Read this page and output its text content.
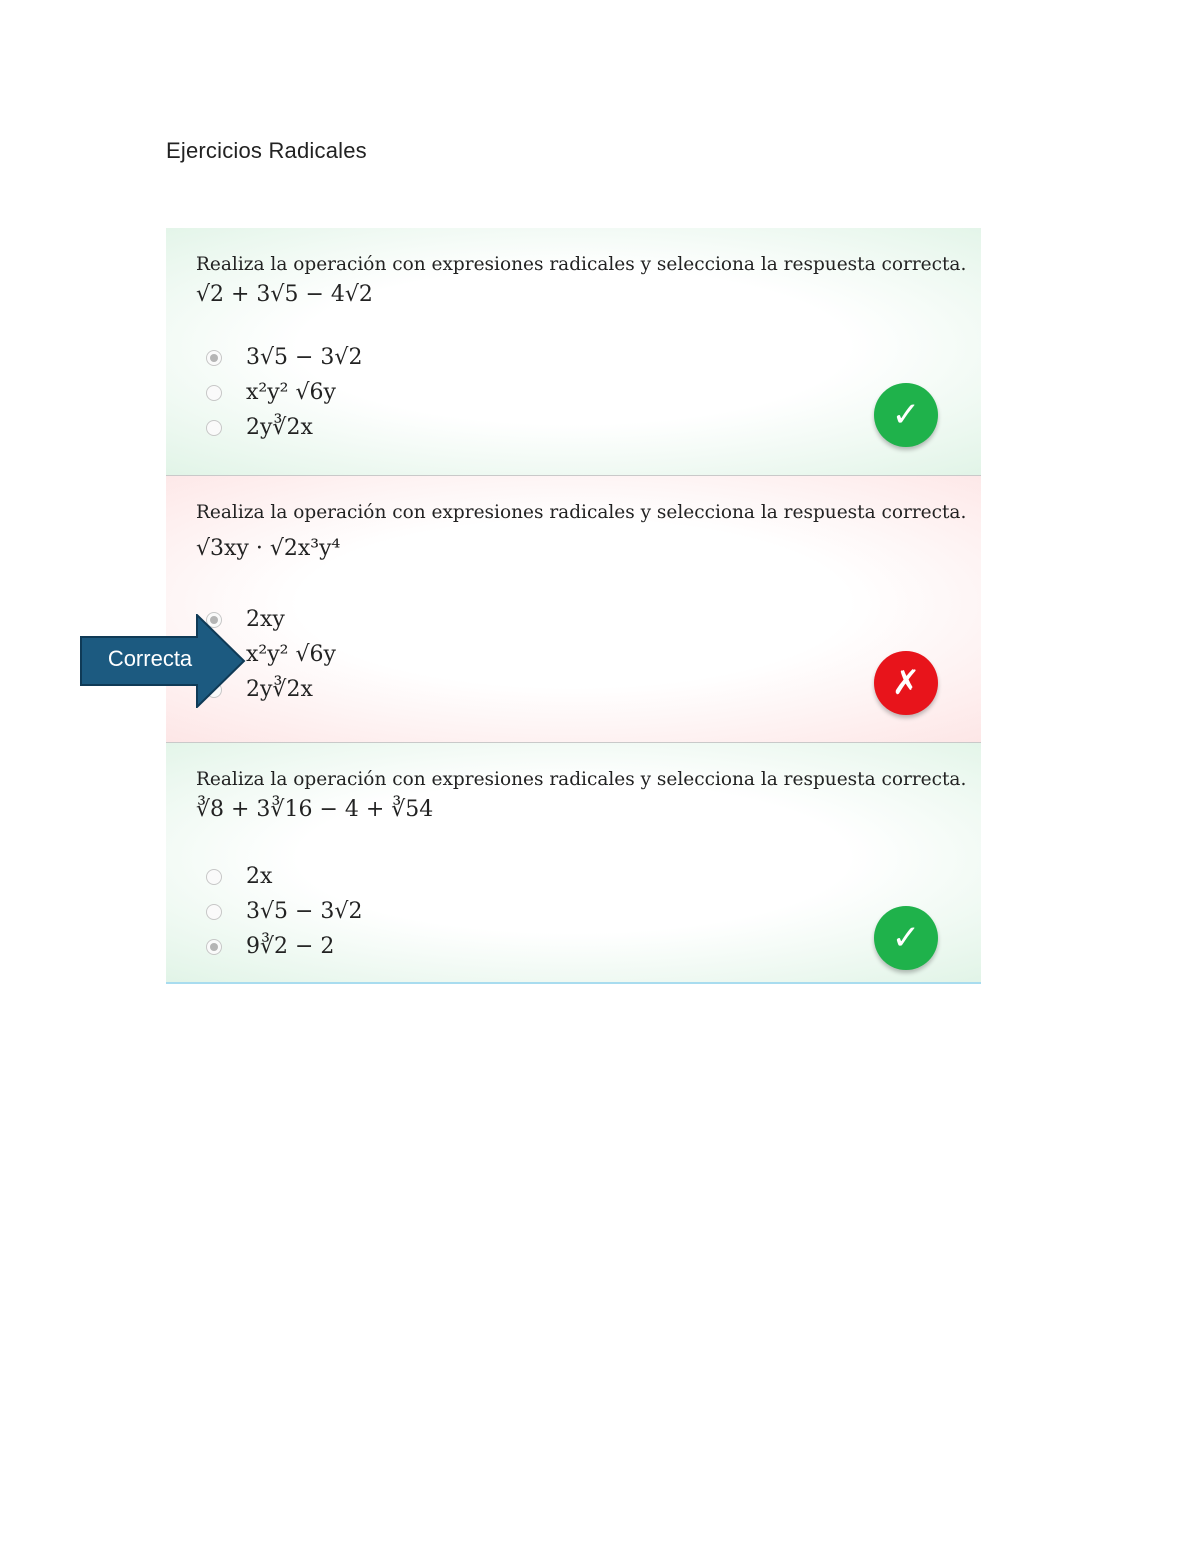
Ejercicios Radicales
Realiza la operación con expresiones radicales y selecciona la respuesta correcta.
√2 + 3√5 − 4√2
3√5 − 3√2
x²y² √6y
2y∛2x	✓
Realiza la operación con expresiones radicales y selecciona la respuesta correcta.
√3xy · √2x³y⁴
2xy
x²y² √6y
2y∛2x	✗
Realiza la operación con expresiones radicales y selecciona la respuesta correcta.
∛8 + 3∛16 − 4 + ∛54
2x
3√5 − 3√2
9∛2 − 2	✓
Correcta
